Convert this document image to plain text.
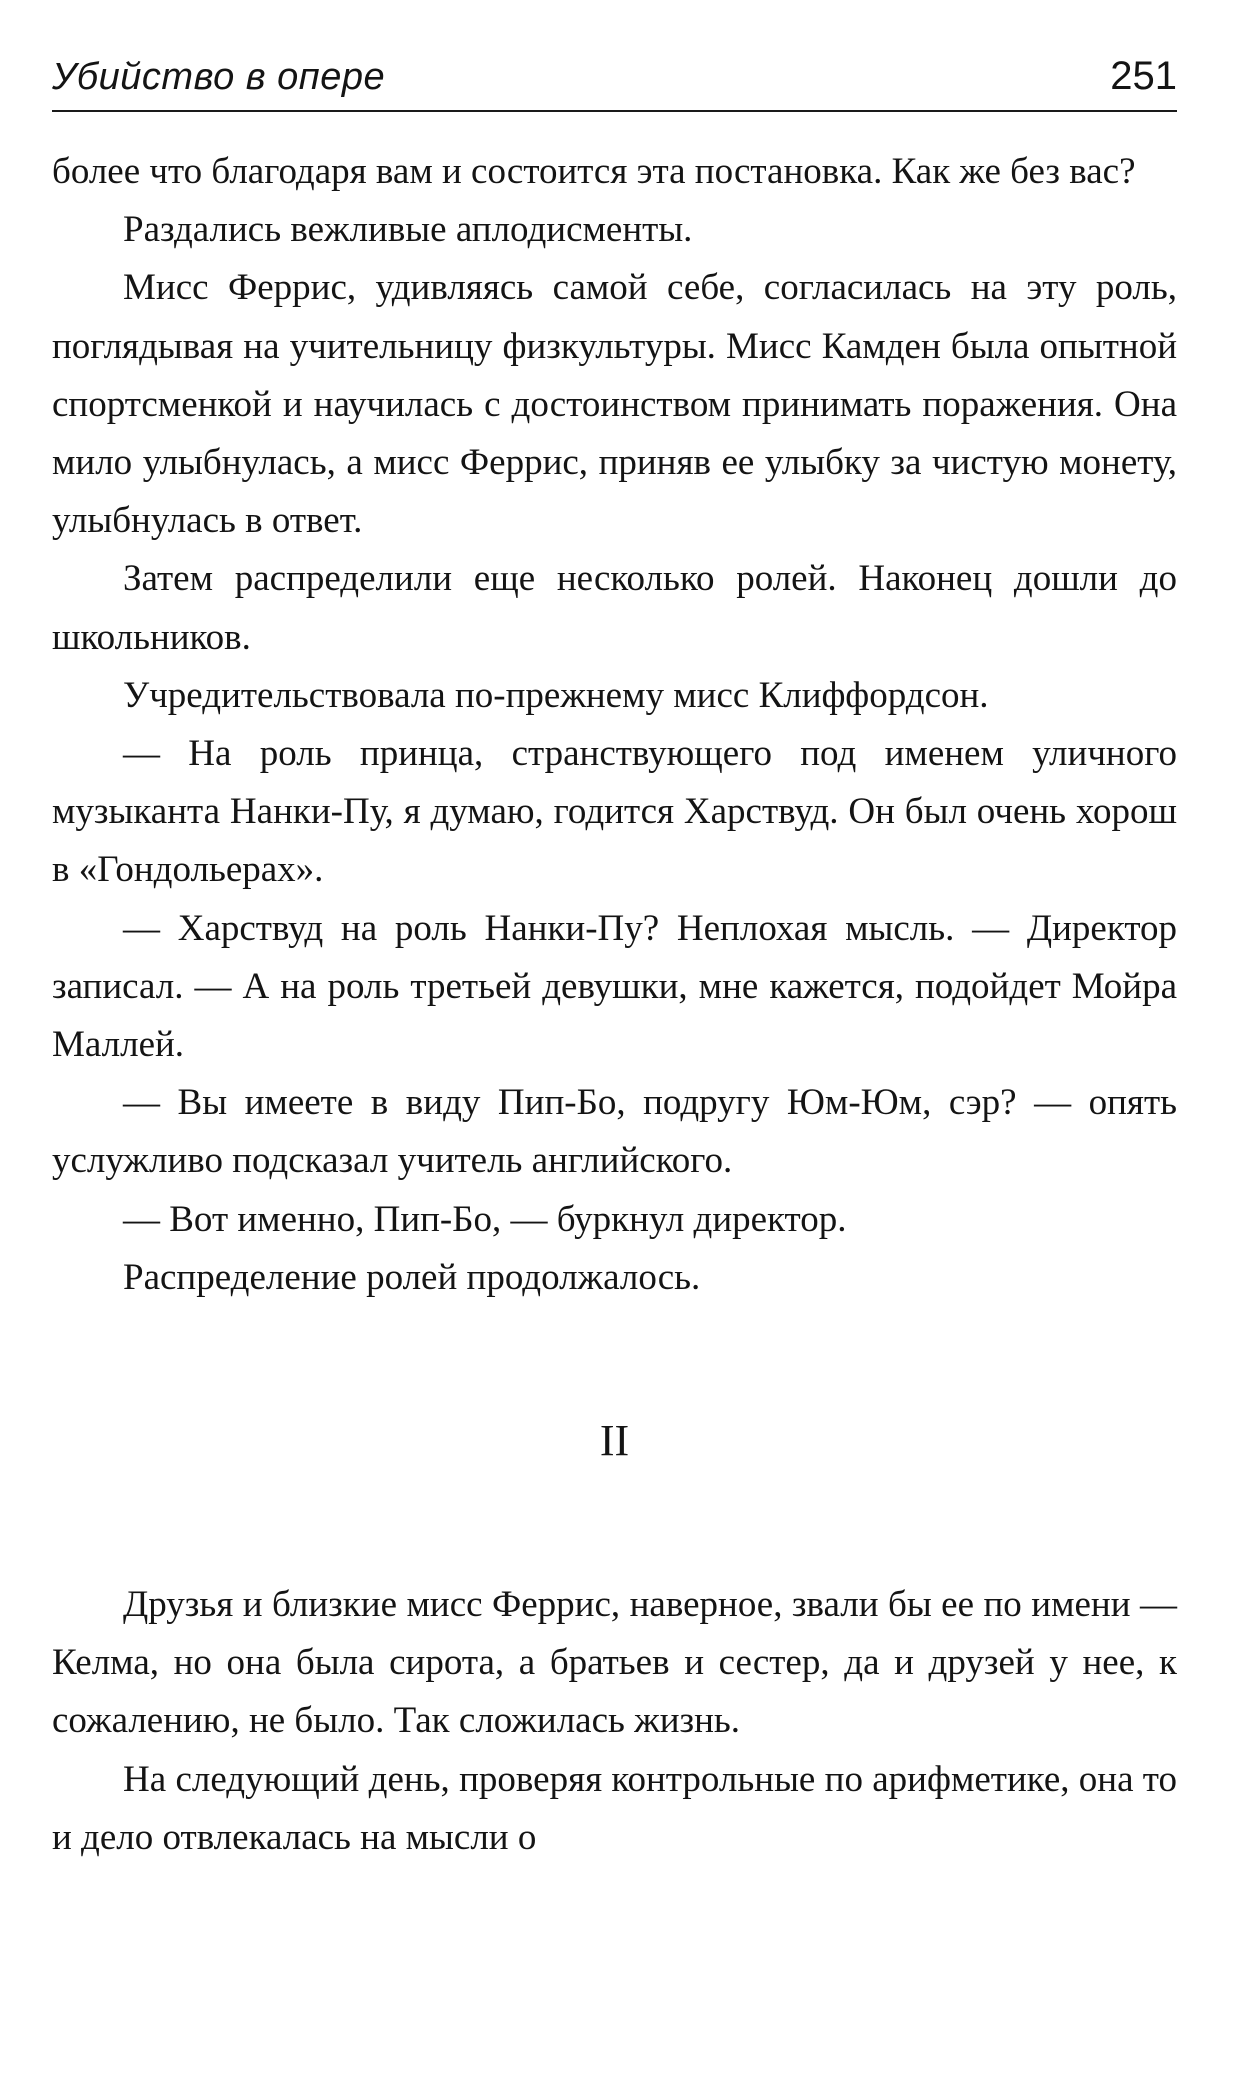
Убийство в опере	251

более что благодаря вам и состоится эта постановка. Как же без вас?

Раздались вежливые аплодисменты.

Мисс Феррис, удивляясь самой себе, согласилась на эту роль, поглядывая на учительницу физкультуры. Мисс Камден была опытной спортсменкой и научилась с достоинством принимать поражения. Она мило улыбнулась, а мисс Феррис, приняв ее улыбку за чистую монету, улыбнулась в ответ.

Затем распределили еще несколько ролей. Наконец дошли до школьников.

Учредительствовала по-прежнему мисс Клиффордсон.

— На роль принца, странствующего под именем уличного музыканта Нанки-Пу, я думаю, годится Харствуд. Он был очень хорош в «Гондольерах».

— Харствуд на роль Нанки-Пу? Неплохая мысль. — Директор записал. — А на роль третьей девушки, мне кажется, подойдет Мойра Маллей.

— Вы имеете в виду Пип-Бо, подругу Юм-Юм, сэр? — опять услужливо подсказал учитель английского.

— Вот именно, Пип-Бо, — буркнул директор.

Распределение ролей продолжалось.

II

Друзья и близкие мисс Феррис, наверное, звали бы ее по имени — Келма, но она была сирота, а братьев и сестер, да и друзей у нее, к сожалению, не было. Так сложилась жизнь.

На следующий день, проверяя контрольные по арифметике, она то и дело отвлекалась на мысли о
